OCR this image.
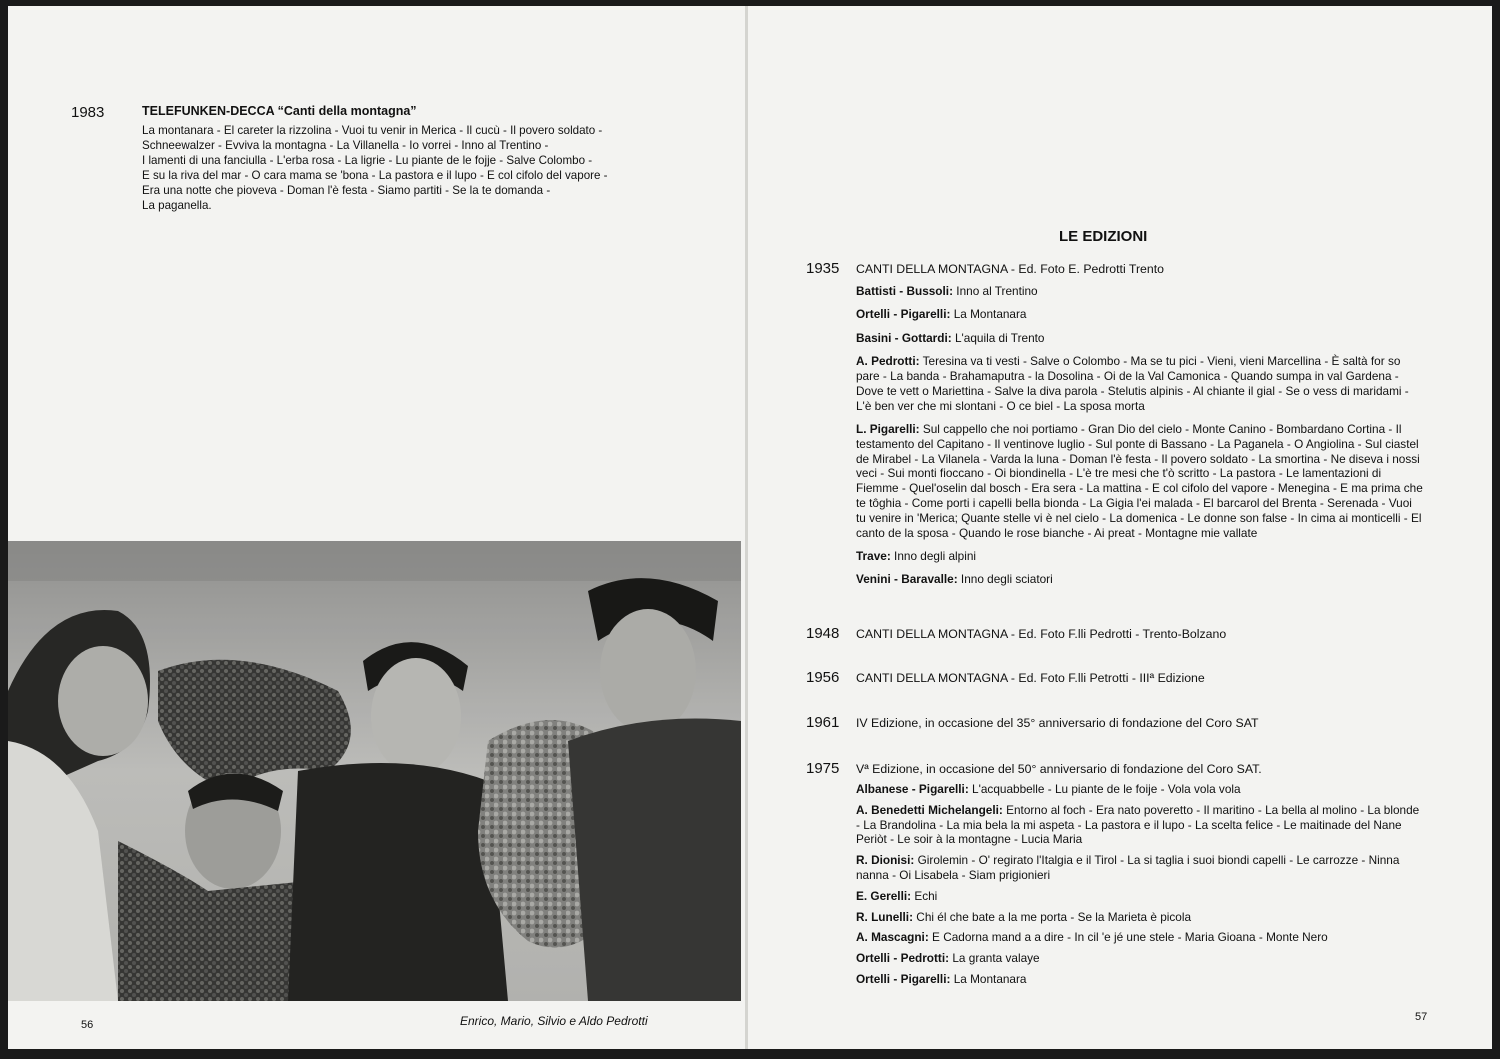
1983	TELEFUNKEN-DECCA “Canti della montagna”
La montanara - El careter la rizzolina - Vuoi tu venir in Merica - Il cucù - Il povero soldato -
Schneewalzer - Evviva la montagna - La Villanella - Io vorrei - Inno al Trentino -
I lamenti di una fanciulla - L'erba rosa - La ligrie - Lu piante de le fojje - Salve Colombo -
E su la riva del mar - O cara mama se 'bona - La pastora e il lupo - E col cifolo del vapore -
Era una notte che pioveva - Doman l'è festa - Siamo partiti - Se la te domanda -
La paganella.
Enrico, Mario, Silvio e Aldo Pedrotti
56
LE EDIZIONI
1935 CANTI DELLA MONTAGNA - Ed. Foto E. Pedrotti Trento
Battisti - Bussoli: Inno al Trentino
Ortelli - Pigarelli: La Montanara
Basini - Gottardi: L'aquila di Trento
A. Pedrotti: Teresina va ti vesti - Salve o Colombo - Ma se tu pici - Vieni, vieni Marcellina - È saltà for so pare - La banda - Brahamaputra - la Dosolina - Oi de la Val Camonica - Quando sumpa in val Gardena - Dove te vett o Mariettina - Salve la diva parola - Stelutis alpinis - Al chiante il gial - Se o vess di maridami - L'è ben ver che mi slontani - O ce biel - La sposa morta
L. Pigarelli: Sul cappello che noi portiamo - Gran Dio del cielo - Monte Canino - Bombardano Cortina - Il testamento del Capitano - Il ventinove luglio - Sul ponte di Bassano - La Paganela - O Angiolina - Sul ciastel de Mirabel - La Vilanela - Varda la luna - Doman l'è festa - Il povero soldato - La smortina - Ne diseva i nossi veci - Sui monti fioccano - Oi biondinella - L'è tre mesi che t'ò scritto - La pastora - Le lamentazioni di Fiemme - Quel'oselin dal bosch - Era sera - La mattina - E col cifolo del vapore - Menegina - E ma prima che te tôghia - Come porti i capelli bella bionda - La Gigia l'ei malada - El barcarol del Brenta - Serenada - Vuoi tu venire in 'Merica; Quante stelle vi è nel cielo - La domenica - Le donne son false - In cima ai monticelli - El canto de la sposa - Quando le rose bianche - Ai preat - Montagne mie vallate
Trave: Inno degli alpini
Venini - Baravalle: Inno degli sciatori
1948 CANTI DELLA MONTAGNA - Ed. Foto F.lli Pedrotti - Trento-Bolzano
1956 CANTI DELLA MONTAGNA - Ed. Foto F.lli Petrotti - IIIª Edizione
1961 IV Edizione, in occasione del 35° anniversario di fondazione del Coro SAT
1975 Vª Edizione, in occasione del 50° anniversario di fondazione del Coro SAT.
Albanese - Pigarelli: L'acquabbelle - Lu piante de le foije - Vola vola vola
A. Benedetti Michelangeli: Entorno al foch - Era nato poveretto - Il maritino - La bella al molino - La blonde - La Brandolina - La mia bela la mi aspeta - La pastora e il lupo - La scelta felice - Le maitinade del Nane Periòt - Le soir à la montagne - Lucia Maria
R. Dionisi: Girolemin - O' regirato l'Italgia e il Tirol - La si taglia i suoi biondi capelli - Le carrozze - Ninna nanna - Oi Lisabela - Siam prigionieri
E. Gerelli: Echi
R. Lunelli: Chi él che bate a la me porta - Se la Marieta è picola
A. Mascagni: E Cadorna mand a a dire - In cil 'e jé une stele - Maria Gioana - Monte Nero
Ortelli - Pedrotti: La granta valaye
Ortelli - Pigarelli: La Montanara
57
